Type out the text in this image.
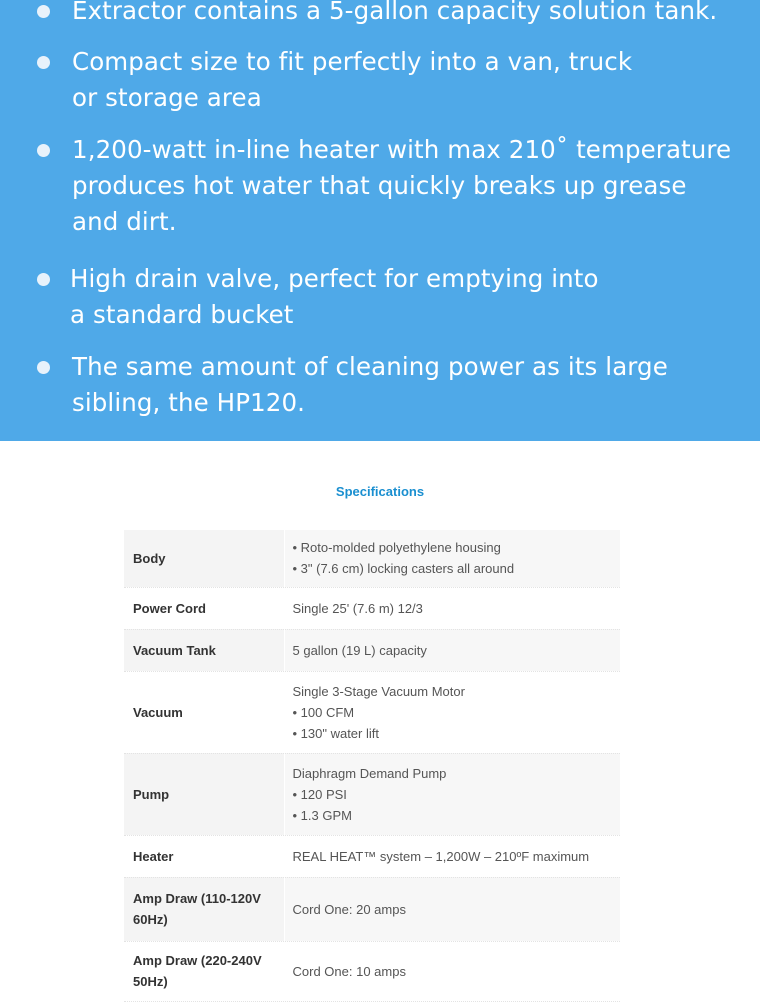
Extractor contains a 5-gallon capacity solution tank.
Compact size to fit perfectly into a van, truck
or storage area
1,200-watt in-line heater with max 210˚ temperature
produces hot water that quickly breaks up grease
and dirt.
High drain valve, perfect for emptying into
a standard bucket
The same amount of cleaning power as its large
sibling, the HP120.
Specifications
Body	• Roto-molded polyethylene housing
• 3" (7.6 cm) locking casters all around

Power Cord	Single 25' (7.6 m) 12/3

Vacuum Tank	5 gallon (19 L) capacity

Vacuum	Single 3-Stage Vacuum Motor
• 100 CFM
• 130" water lift

Pump	Diaphragm Demand Pump
• 120 PSI
• 1.3 GPM

Heater	REAL HEAT™ system – 1,200W – 210ºF maximum

Amp Draw (110-120V 60Hz)	Cord One: 20 amps

Amp Draw (220-240V 50Hz)	Cord One: 10 amps
